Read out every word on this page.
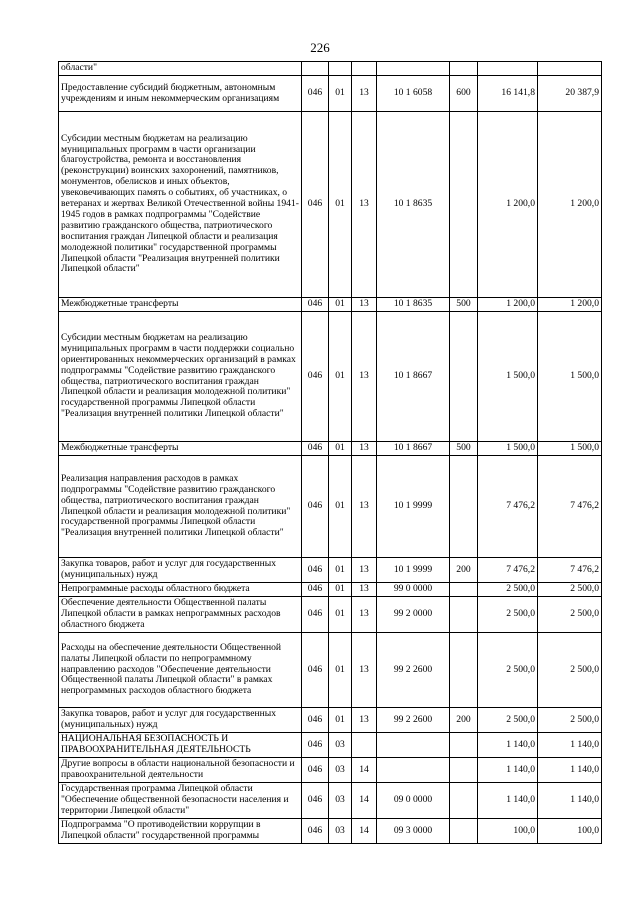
226
области"							
Предоставление субсидий бюджетным, автономным учреждениям и иным некоммерческим организациям	046	01	13	10 1 6058	600	16 141,8	20 387,9
Субсидии местным бюджетам на реализацию муниципальных программ в части организации благоустройства, ремонта и восстановления (реконструкции) воинских захоронений, памятников, монументов, обелисков и иных объектов, увековечивающих память о событиях, об участниках, о ветеранах и жертвах Великой Отечественной войны 1941-1945 годов в рамках подпрограммы "Содействие развитию гражданского общества, патриотического воспитания граждан Липецкой области и реализация молодежной политики" государственной программы Липецкой области "Реализация внутренней политики Липецкой области"	046	01	13	10 1 8635		1 200,0	1 200,0
Межбюджетные трансферты	046	01	13	10 1 8635	500	1 200,0	1 200,0
Субсидии местным бюджетам на реализацию муниципальных программ в части поддержки социально ориентированных некоммерческих организаций в рамках подпрограммы "Содействие развитию гражданского общества, патриотического воспитания граждан Липецкой области и реализация молодежной политики" государственной программы Липецкой области "Реализация внутренней политики Липецкой области"	046	01	13	10 1 8667		1 500,0	1 500,0
Межбюджетные трансферты	046	01	13	10 1 8667	500	1 500,0	1 500,0
Реализация направления расходов в рамках подпрограммы "Содействие развитию гражданского общества, патриотического воспитания граждан Липецкой области и реализация молодежной политики" государственной программы Липецкой области "Реализация внутренней политики Липецкой области"	046	01	13	10 1 9999		7 476,2	7 476,2
Закупка товаров, работ и услуг для государственных (муниципальных) нужд	046	01	13	10 1 9999	200	7 476,2	7 476,2
Непрограммные расходы областного бюджета	046	01	13	99 0 0000		2 500,0	2 500,0
Обеспечение деятельности Общественной палаты Липецкой области в рамках непрограммных расходов областного бюджета	046	01	13	99 2 0000		2 500,0	2 500,0
Расходы на обеспечение деятельности Общественной палаты Липецкой области по непрограммному направлению расходов "Обеспечение деятельности Общественной палаты Липецкой области" в рамках непрограммных расходов областного бюджета	046	01	13	99 2 2600		2 500,0	2 500,0
Закупка товаров, работ и услуг для государственных (муниципальных) нужд	046	01	13	99 2 2600	200	2 500,0	2 500,0
НАЦИОНАЛЬНАЯ БЕЗОПАСНОСТЬ И ПРАВООХРАНИТЕЛЬНАЯ ДЕЯТЕЛЬНОСТЬ	046	03				1 140,0	1 140,0
Другие вопросы в области национальной безопасности и правоохранительной деятельности	046	03	14			1 140,0	1 140,0
Государственная программа Липецкой области "Обеспечение общественной безопасности населения и территории Липецкой области"	046	03	14	09 0 0000		1 140,0	1 140,0
Подпрограмма "О противодействии коррупции в Липецкой области" государственной программы	046	03	14	09 3 0000		100,0	100,0
